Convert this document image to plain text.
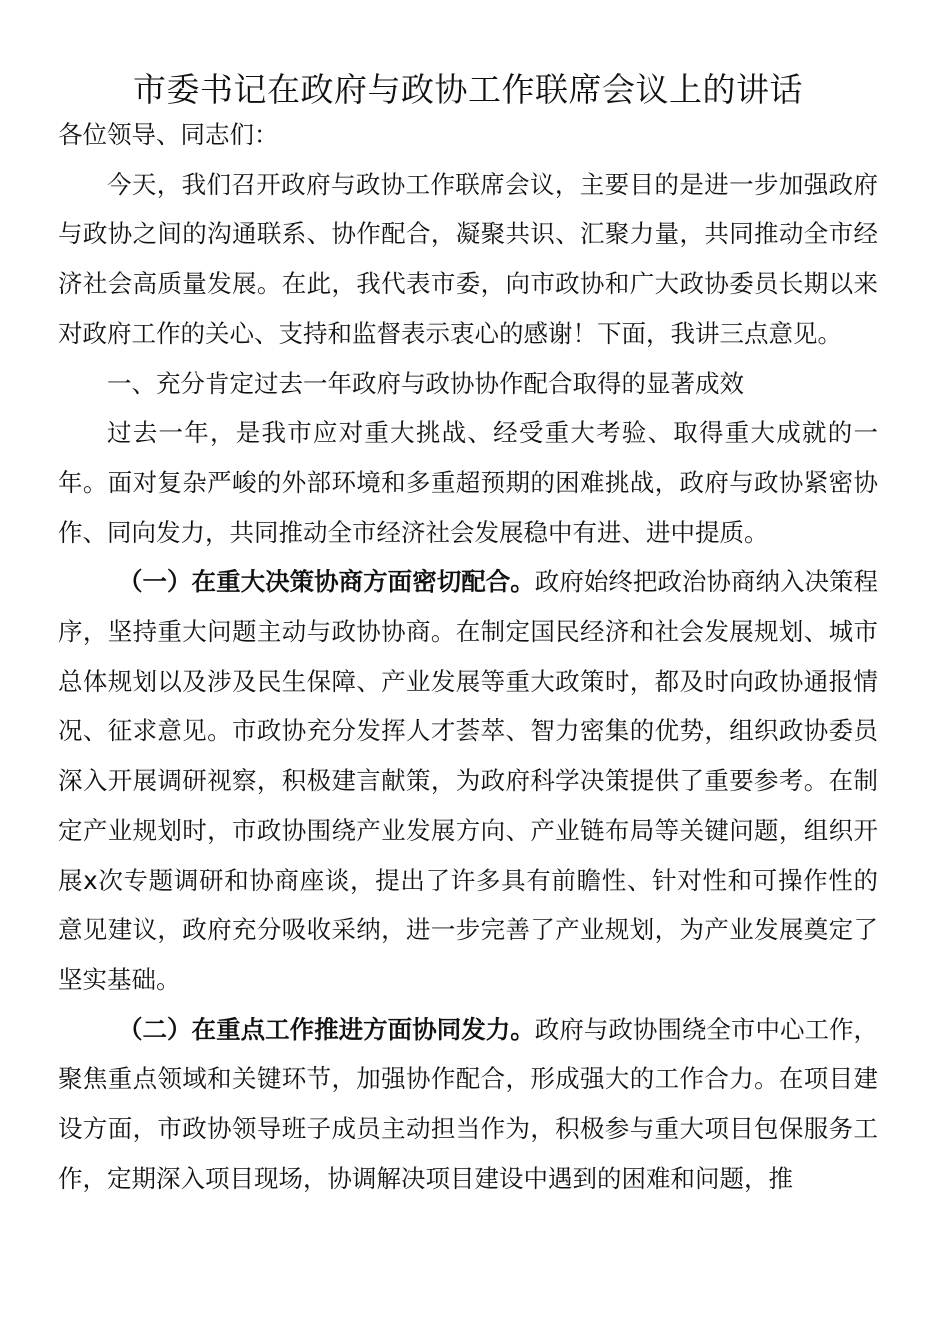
市委书记在政府与政协工作联席会议上的讲话

各位领导、同志们：

今天，我们召开政府与政协工作联席会议，主要目的是进一步加强政府与政协之间的沟通联系、协作配合，凝聚共识、汇聚力量，共同推动全市经济社会高质量发展。在此，我代表市委，向市政协和广大政协委员长期以来对政府工作的关心、支持和监督表示衷心的感谢！下面，我讲三点意见。

一、充分肯定过去一年政府与政协协作配合取得的显著成效

过去一年，是我市应对重大挑战、经受重大考验、取得重大成就的一年。面对复杂严峻的外部环境和多重超预期的困难挑战，政府与政协紧密协作、同向发力，共同推动全市经济社会发展稳中有进、进中提质。

（一）在重大决策协商方面密切配合。政府始终把政治协商纳入决策程序，坚持重大问题主动与政协协商。在制定国民经济和社会发展规划、城市总体规划以及涉及民生保障、产业发展等重大政策时，都及时向政协通报情况、征求意见。市政协充分发挥人才荟萃、智力密集的优势，组织政协委员深入开展调研视察，积极建言献策，为政府科学决策提供了重要参考。在制定产业规划时，市政协围绕产业发展方向、产业链布局等关键问题，组织开展x次专题调研和协商座谈，提出了许多具有前瞻性、针对性和可操作性的意见建议，政府充分吸收采纳，进一步完善了产业规划，为产业发展奠定了坚实基础。

（二）在重点工作推进方面协同发力。政府与政协围绕全市中心工作，聚焦重点领域和关键环节，加强协作配合，形成强大的工作合力。在项目建设方面，市政协领导班子成员主动担当作为，积极参与重大项目包保服务工作，定期深入项目现场，协调解决项目建设中遇到的困难和问题，推
